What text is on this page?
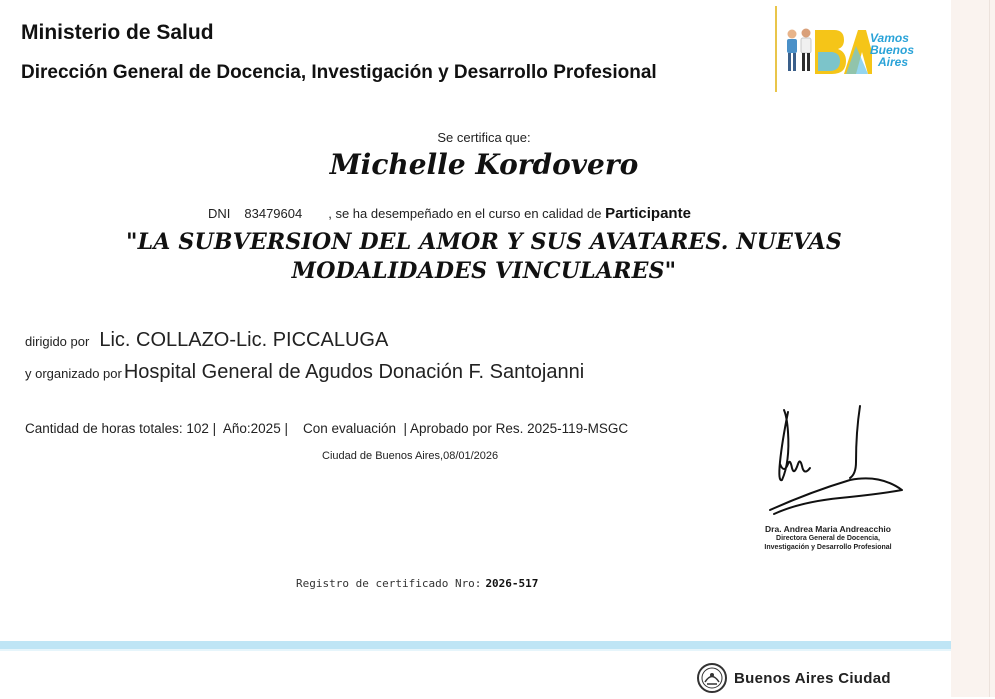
Ministerio de Salud
Dirección General de Docencia, Investigación y Desarrollo Profesional
Vamos
Buenos
Aires
Se certifica que:
Michelle Kordovero
DNI 83479604 , se ha desempeñado en el curso en calidad de Participante
"LA SUBVERSION DEL AMOR Y SUS AVATARES. NUEVAS MODALIDADES VINCULARES"
dirigido por Lic. COLLAZO-Lic. PICCALUGA
y organizado por Hospital General de Agudos Donación F. Santojanni
Cantidad de horas totales: 102 |  Año:2025 |    Con evaluación  | Aprobado por Res. 2025-119-MSGC
Ciudad de Buenos Aires,08/01/2026
Dra. Andrea Maria Andreacchio
Directora General de Docencia,
Investigación y Desarrollo Profesional
Registro de certificado Nro: 2026-517
Buenos Aires Ciudad
